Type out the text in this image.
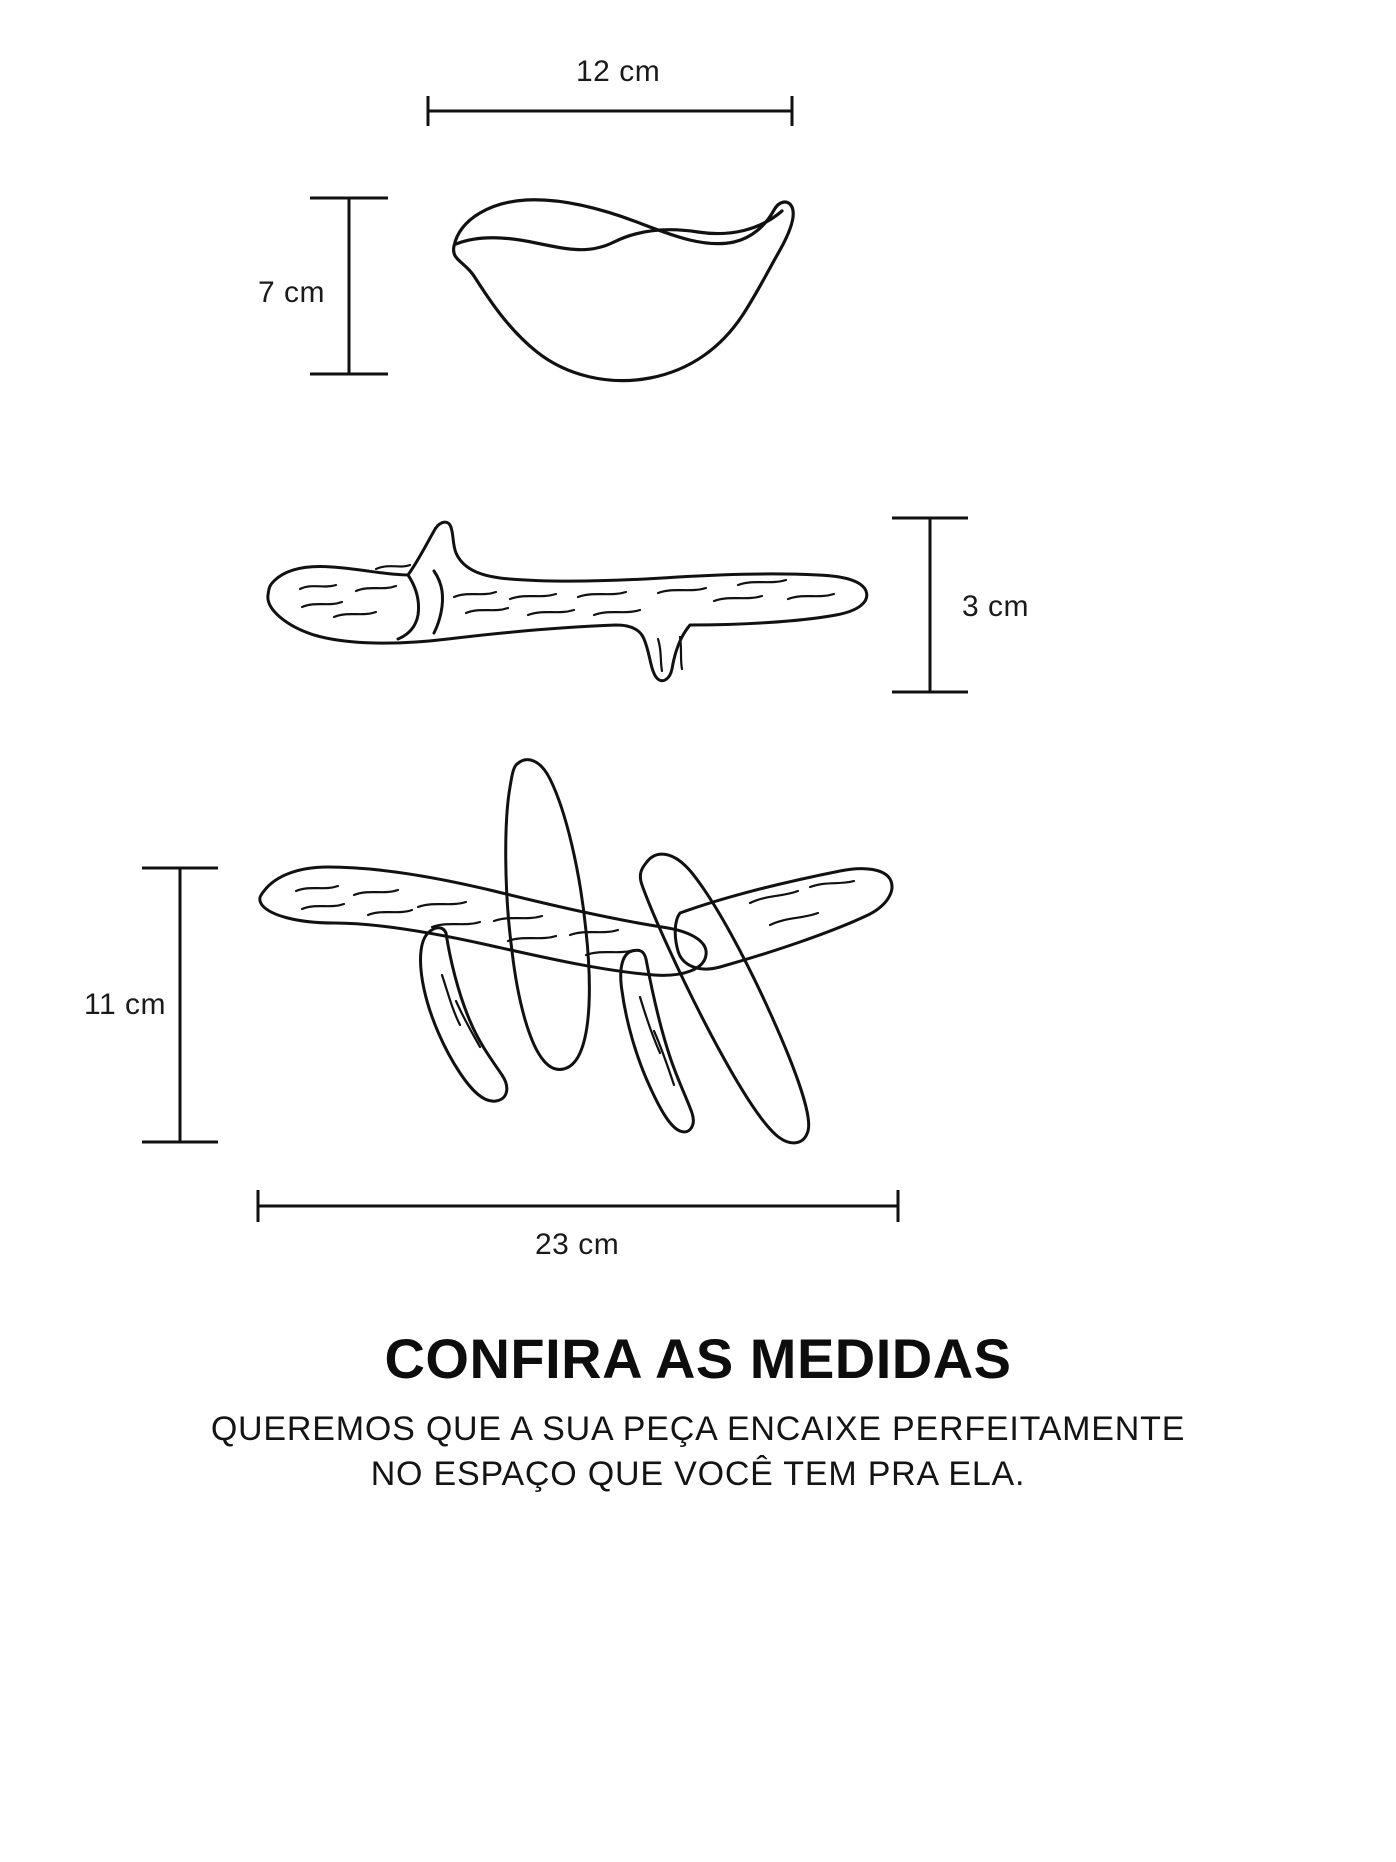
12 cm
7 cm
3 cm
11 cm
23 cm
CONFIRA AS MEDIDAS

QUEREMOS QUE A SUA PEÇA ENCAIXE PERFEITAMENTE
NO ESPAÇO QUE VOCÊ TEM PRA ELA.
